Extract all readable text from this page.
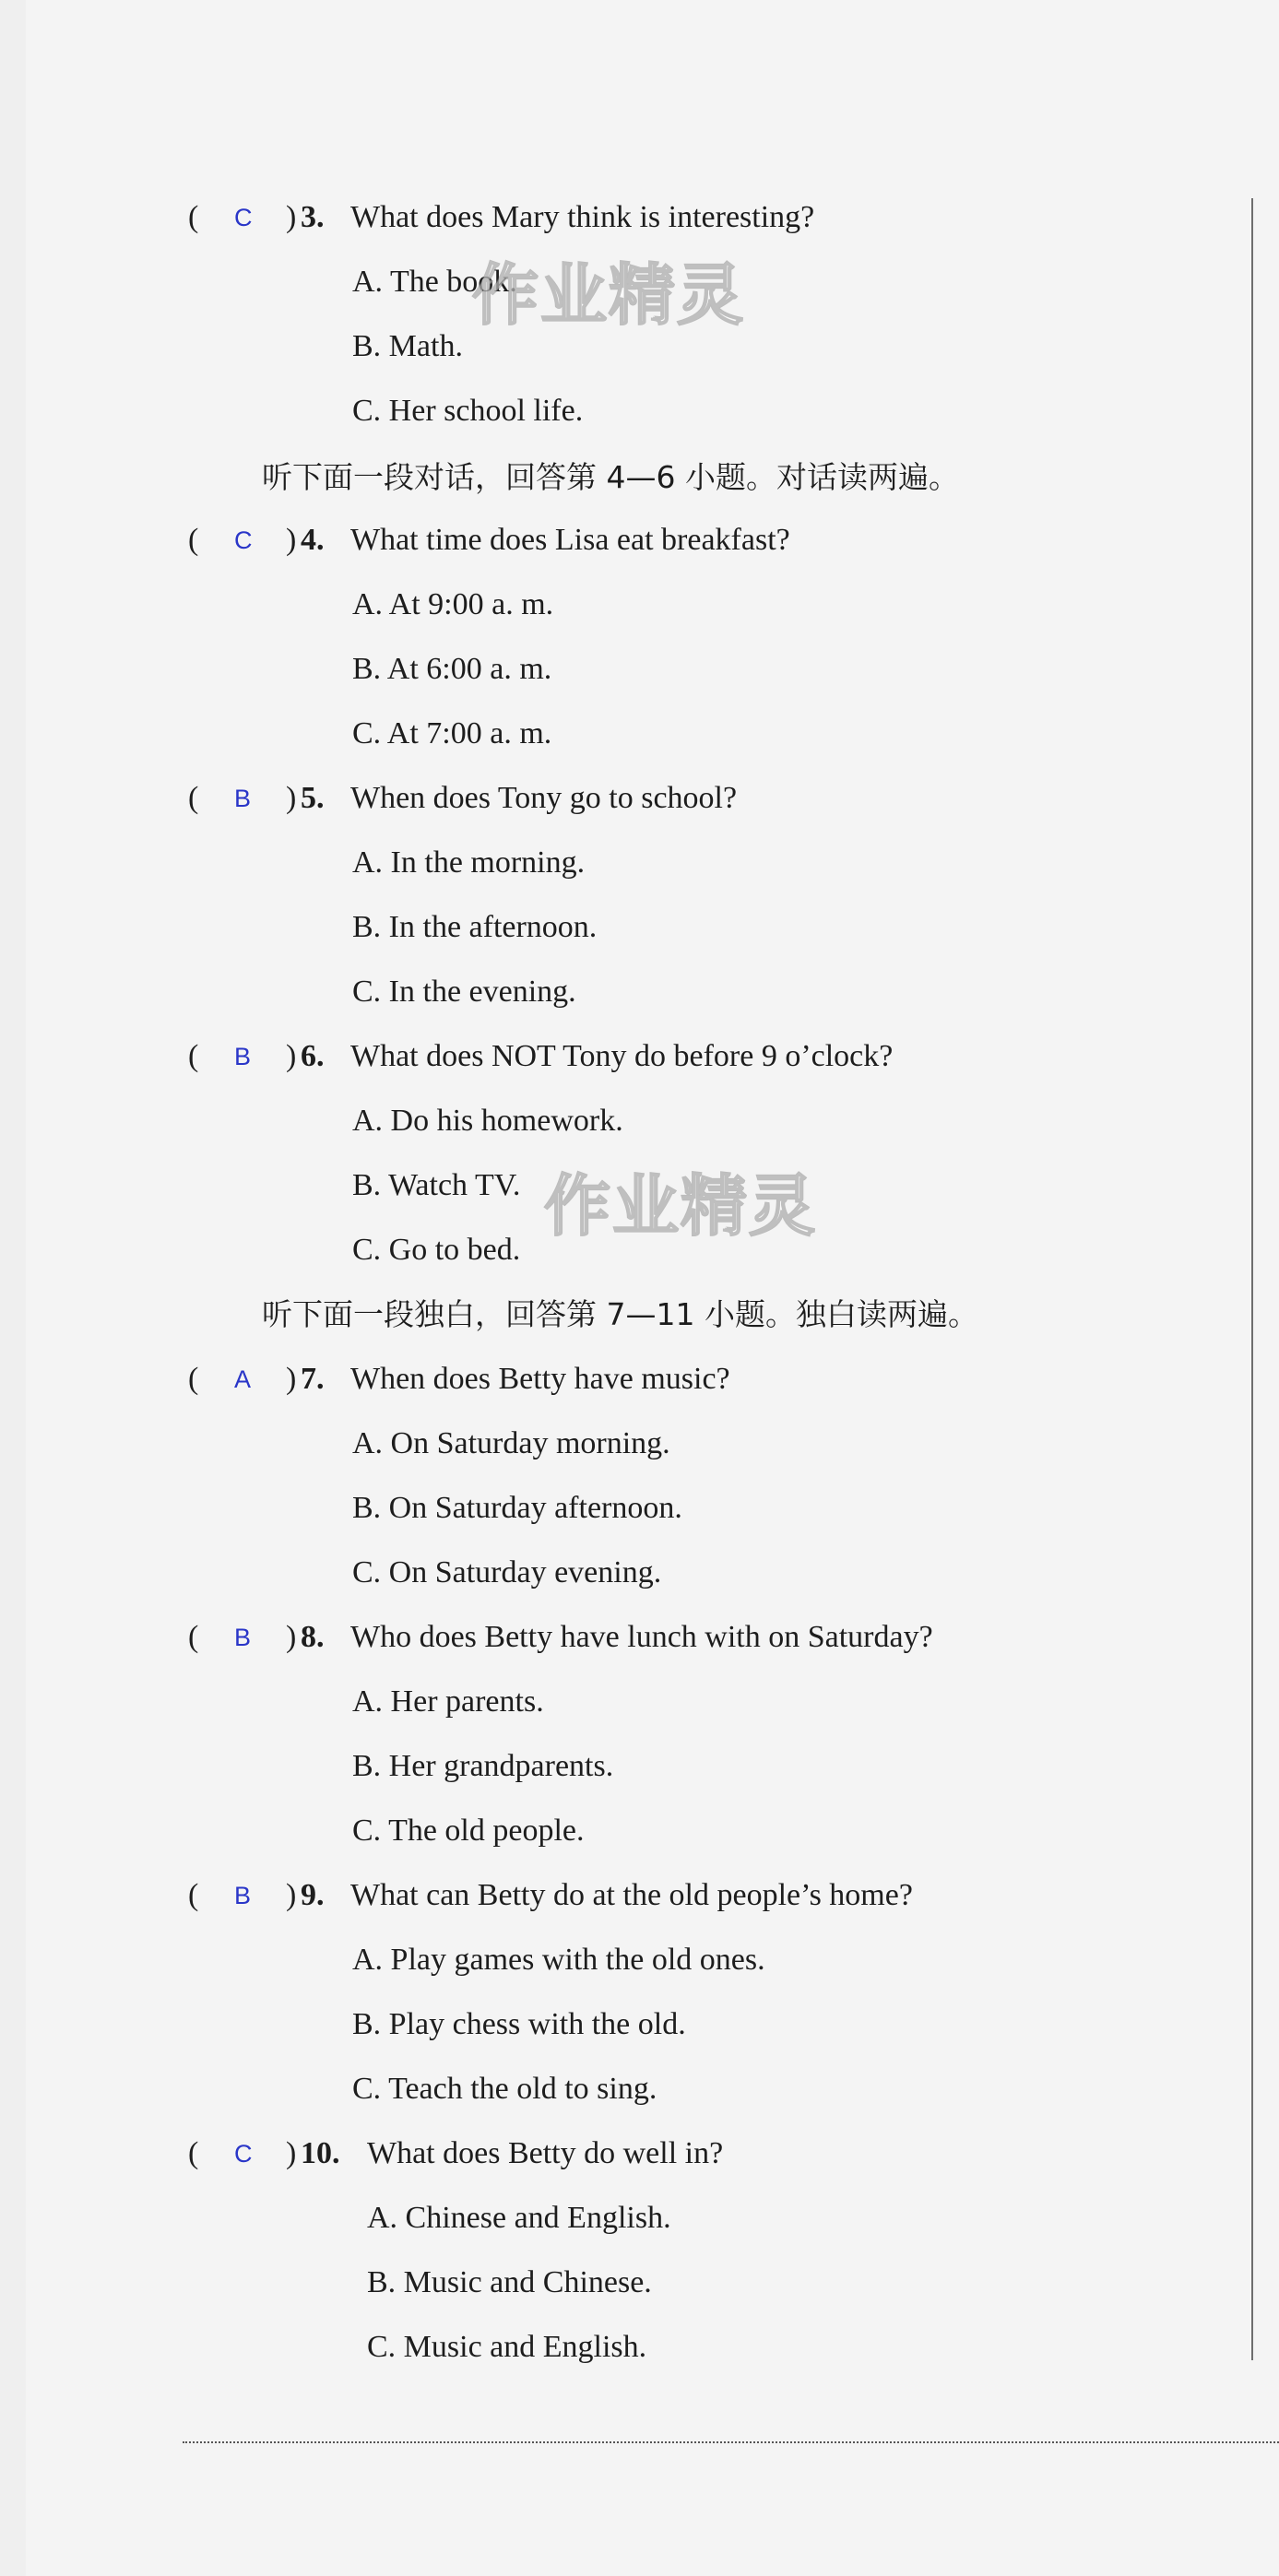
( C ) 3. What does Mary think is interesting?
A. The book.
B. Math.
C. Her school life.
听下面一段对话，回答第 4—6 小题。对话读两遍。
( C ) 4. What time does Lisa eat breakfast?
A. At 9:00 a. m.
B. At 6:00 a. m.
C. At 7:00 a. m.
( B ) 5. When does Tony go to school?
A. In the morning.
B. In the afternoon.
C. In the evening.
( B ) 6. What does NOT Tony do before 9 o’clock?
A. Do his homework.
B. Watch TV.
C. Go to bed.
听下面一段独白，回答第 7—11 小题。独白读两遍。
( A ) 7. When does Betty have music?
A. On Saturday morning.
B. On Saturday afternoon.
C. On Saturday evening.
( B ) 8. Who does Betty have lunch with on Saturday?
A. Her parents.
B. Her grandparents.
C. The old people.
( B ) 9. What can Betty do at the old people’s home?
A. Play games with the old ones.
B. Play chess with the old.
C. Teach the old to sing.
( C ) 10. What does Betty do well in?
A. Chinese and English.
B. Music and Chinese.
C. Music and English.
作业精灵
作业精灵
